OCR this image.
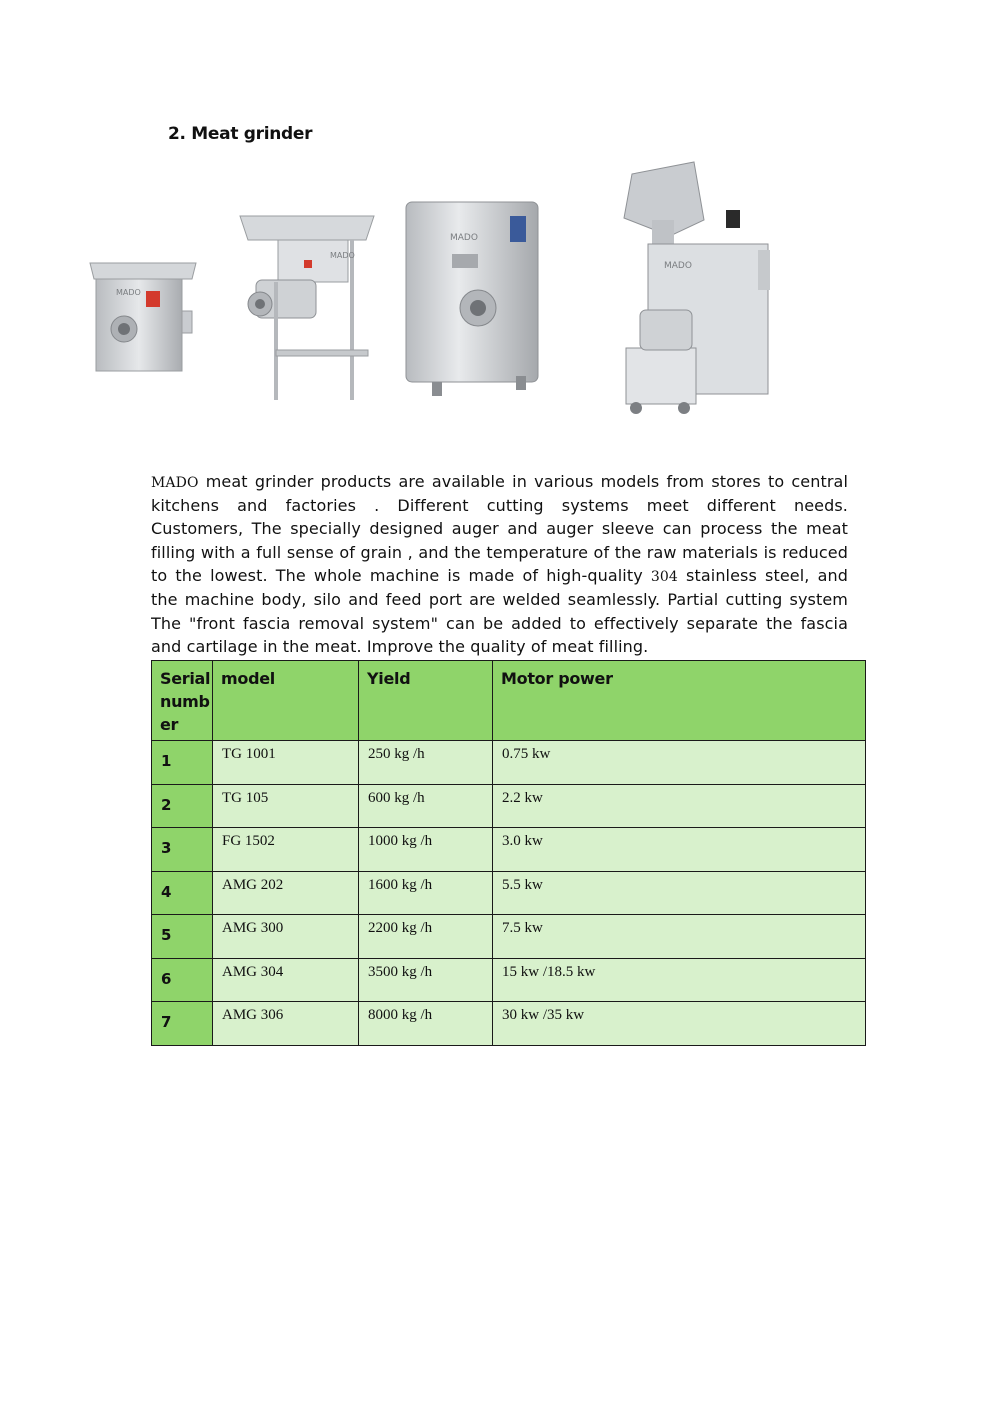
2. Meat grinder
MADO
MADO
MADO
MADO
MADO meat grinder products are available in various models from stores to central
kitchens and factories . Different cutting systems meet different needs.
Customers, The specially designed auger and auger sleeve can process the meat
filling with a full sense of grain , and the temperature of the raw materials is reduced
to the lowest. The whole machine is made of high-quality 304 stainless steel, and
the machine body, silo and feed port are welded seamlessly. Partial cutting system
The "front fascia removal system" can be added to effectively separate the fascia
and cartilage in the meat. Improve the quality of meat filling.
Serial
numb
er	model	Yield	Motor power
1	TG 1001	250 kg /h	0.75 kw
2	TG 105	600 kg /h	2.2 kw
3	FG 1502	1000 kg /h	3.0 kw
4	AMG 202	1600 kg /h	5.5 kw
5	AMG 300	2200 kg /h	7.5 kw
6	AMG 304	3500 kg /h	15 kw /18.5 kw
7	AMG 306	8000 kg /h	30 kw /35 kw
